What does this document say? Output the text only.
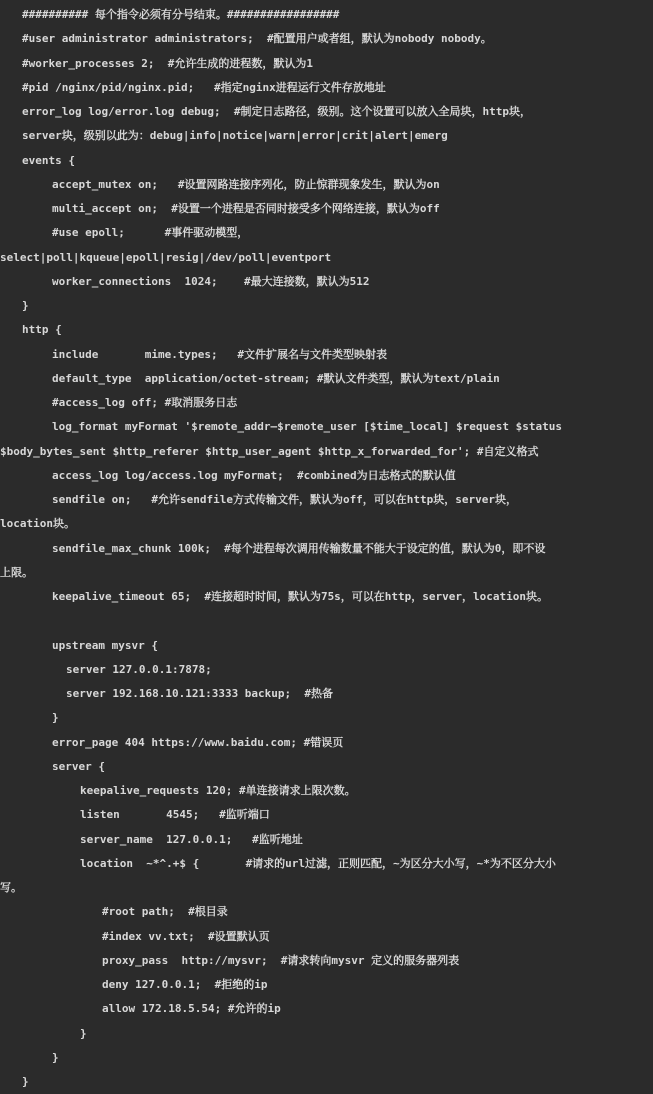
########## 每个指令必须有分号结束。#################
#user administrator administrators;  #配置用户或者组，默认为nobody nobody。
#worker_processes 2;  #允许生成的进程数，默认为1
#pid /nginx/pid/nginx.pid;   #指定nginx进程运行文件存放地址
error_log log/error.log debug;  #制定日志路径，级别。这个设置可以放入全局块，http块，
server块，级别以此为：debug|info|notice|warn|error|crit|alert|emerg
events {
accept_mutex on;   #设置网路连接序列化，防止惊群现象发生，默认为on
multi_accept on;  #设置一个进程是否同时接受多个网络连接，默认为off
#use epoll;      #事件驱动模型，
select|poll|kqueue|epoll|resig|/dev/poll|eventport
worker_connections  1024;    #最大连接数，默认为512
}
http {
include       mime.types;   #文件扩展名与文件类型映射表
default_type  application/octet-stream; #默认文件类型，默认为text/plain
#access_log off; #取消服务日志
log_format myFormat '$remote_addr–$remote_user [$time_local] $request $status
$body_bytes_sent $http_referer $http_user_agent $http_x_forwarded_for'; #自定义格式
access_log log/access.log myFormat;  #combined为日志格式的默认值
sendfile on;   #允许sendfile方式传输文件，默认为off，可以在http块，server块，
location块。
sendfile_max_chunk 100k;  #每个进程每次调用传输数量不能大于设定的值，默认为0，即不设
上限。
keepalive_timeout 65;  #连接超时时间，默认为75s，可以在http，server，location块。
upstream mysvr {
server 127.0.0.1:7878;
server 192.168.10.121:3333 backup;  #热备
}
error_page 404 https://www.baidu.com; #错误页
server {
keepalive_requests 120; #单连接请求上限次数。
listen       4545;   #监听端口
server_name  127.0.0.1;   #监听地址
location  ~*^.+$ {       #请求的url过滤，正则匹配，~为区分大小写，~*为不区分大小
写。
#root path;  #根目录
#index vv.txt;  #设置默认页
proxy_pass  http://mysvr;  #请求转向mysvr 定义的服务器列表
deny 127.0.0.1;  #拒绝的ip
allow 172.18.5.54; #允许的ip
}
}
}
